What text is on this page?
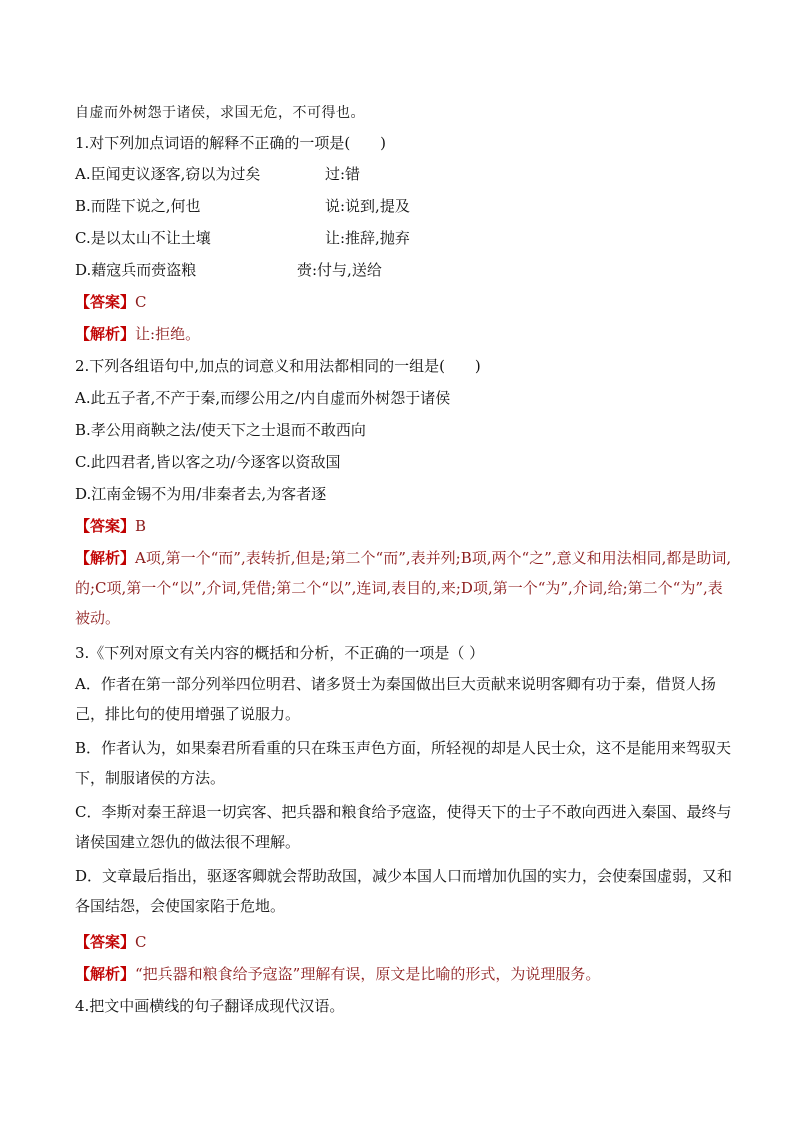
自虚而外树怨于诸侯，求国无危，不可得也。
1.对下列加点词语的解释不正确的一项是(　　)
A.臣闻吏议逐客,窃以为过矣	过:错
B.而陛下说之,何也	说:说到,提及
C.是以太山不让土壤	让:推辞,抛弃
D.藉寇兵而赍盗粮	赍:付与,送给
【答案】C
【解析】让:拒绝。
2.下列各组语句中,加点的词意义和用法都相同的一组是(　　)
A.此五子者,不产于秦,而缪公用之/内自虚而外树怨于诸侯
B.孝公用商鞅之法/使天下之士退而不敢西向
C.此四君者,皆以客之功/今逐客以资敌国
D.江南金锡不为用/非秦者去,为客者逐
【答案】B
【解析】A项,第一个“而”,表转折,但是;第二个“而”,表并列;B项,两个“之”,意义和用法相同,都是助词,的;C项,第一个“以”,介词,凭借;第二个“以”,连词,表目的,来;D项,第一个“为”,介词,给;第二个“为”,表被动。
3.《下列对原文有关内容的概括和分析，不正确的一项是（ ）
A．作者在第一部分列举四位明君、诸多贤士为秦国做出巨大贡献来说明客卿有功于秦，借贤人扬己，排比句的使用增强了说服力。
B．作者认为，如果秦君所看重的只在珠玉声色方面，所轻视的却是人民士众，这不是能用来驾驭天下，制服诸侯的方法。
C．李斯对秦王辞退一切宾客、把兵器和粮食给予寇盗，使得天下的士子不敢向西进入秦国、最终与诸侯国建立怨仇的做法很不理解。
D．文章最后指出，驱逐客卿就会帮助敌国，减少本国人口而增加仇国的实力，会使秦国虚弱，又和各国结怨，会使国家陷于危地。
【答案】C
【解析】“把兵器和粮食给予寇盗”理解有误，原文是比喻的形式，为说理服务。
4.把文中画横线的句子翻译成现代汉语。
